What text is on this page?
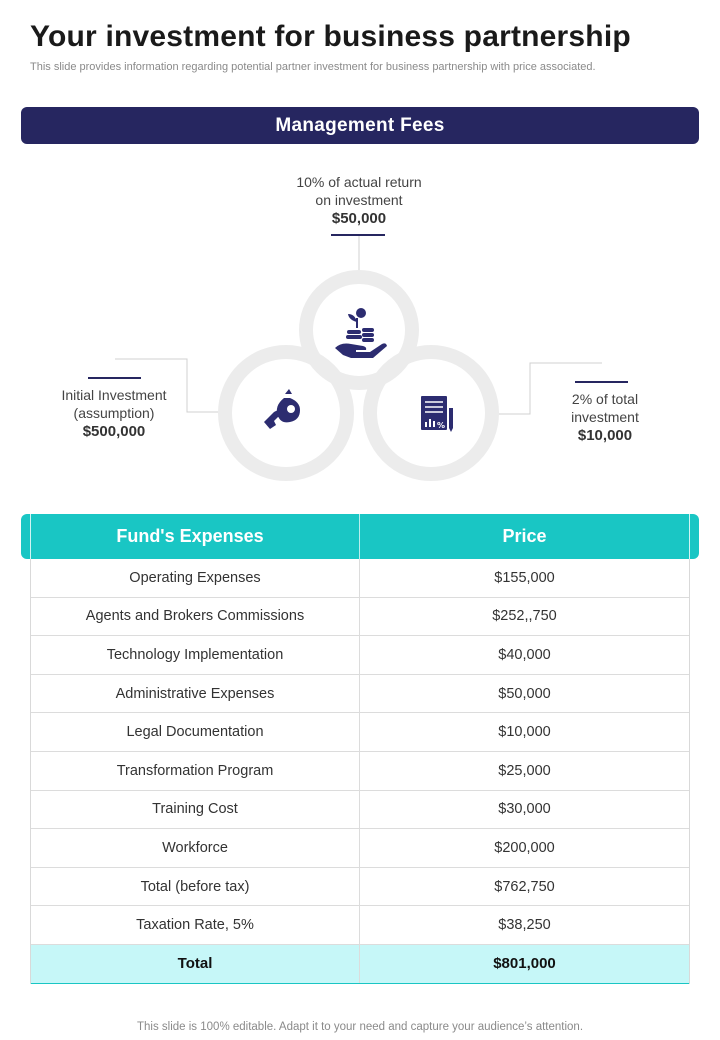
Your investment for business partnership
This slide provides information regarding potential partner investment for business partnership with price associated.
Management Fees
%
10% of actual return
on investment
$50,000
Initial Investment
(assumption)
$500,000
2% of total
investment
$10,000
Fund's Expenses	Price
Operating Expenses	$155,000
Agents and Brokers Commissions	$252,,750
Technology Implementation	$40,000
Administrative Expenses	$50,000
Legal Documentation	$10,000
Transformation Program	$25,000
Training Cost	$30,000
Workforce	$200,000
Total (before tax)	$762,750
Taxation Rate, 5%	$38,250
Total	$801,000
This slide is 100% editable. Adapt it to your need and capture your audience’s attention.
